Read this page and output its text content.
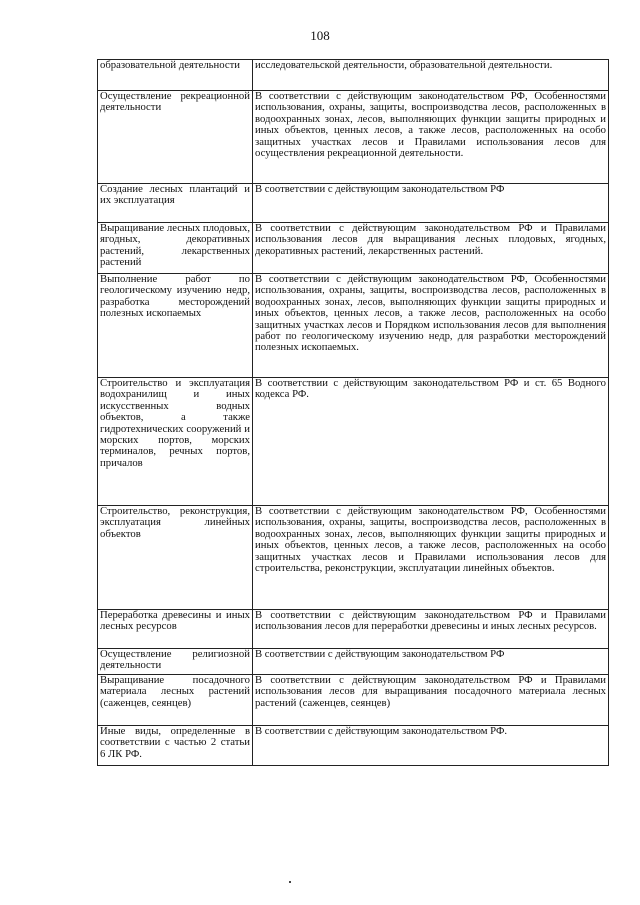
108
образовательной деятельности	исследовательской деятельности, образовательной деятельности.
Осуществление рекреационной деятельности	В соответствии с действующим законодательством РФ, Особенностями использования, охраны, защиты, воспроизводства лесов, расположенных в водоохранных зонах, лесов, выполняющих функции защиты природных и иных объектов, ценных лесов, а также лесов, расположенных на особо защитных участках лесов и Правилами использования лесов для осуществления рекреационной деятельности.
Создание лесных плантаций и их эксплуатация	В соответствии с действующим законодательством РФ
Выращивание лесных плодовых, ягодных, декоративных растений, лекарственных растений	В соответствии с действующим законодательством РФ и Правилами использования лесов для выращивания лесных плодовых, ягодных, декоративных растений, лекарственных растений.
Выполнение работ по геологическому изучению недр, разработка месторождений полезных ископаемых	В соответствии с действующим законодательством РФ, Особенностями использования, охраны, защиты, воспроизводства лесов, расположенных в водоохранных зонах, лесов, выполняющих функции защиты природных и иных объектов, ценных лесов, а также лесов, расположенных на особо защитных участках лесов и Порядком использования лесов для выполнения работ по геологическому изучению недр, для разработки месторождений полезных ископаемых.
Строительство и эксплуатация водохранилищ и иных искусственных водных объектов, а также гидротехнических сооружений и морских портов, морских терминалов, речных портов, причалов	В соответствии с действующим законодательством РФ и ст. 65 Водного кодекса РФ.
Строительство, реконструкция, эксплуатация линейных объектов	В соответствии с действующим законодательством РФ, Особенностями использования, охраны, защиты, воспроизводства лесов, расположенных в водоохранных зонах, лесов, выполняющих функции защиты природных и иных объектов, ценных лесов, а также лесов, расположенных на особо защитных участках лесов и Правилами использования лесов для строительства, реконструкции, эксплуатации линейных объектов.
Переработка древесины и иных лесных ресурсов	В соответствии с действующим законодательством РФ и Правилами использования лесов для переработки древесины и иных лесных ресурсов.
Осуществление религиозной деятельности	В соответствии с действующим законодательством РФ
Выращивание посадочного материала лесных растений (саженцев, сеянцев)	В соответствии с действующим законодательством РФ и Правилами использования лесов для выращивания посадочного материала лесных растений (саженцев, сеянцев)
Иные виды, определенные в соответствии с частью 2 статьи 6 ЛК РФ.	В соответствии с действующим законодательством РФ.
